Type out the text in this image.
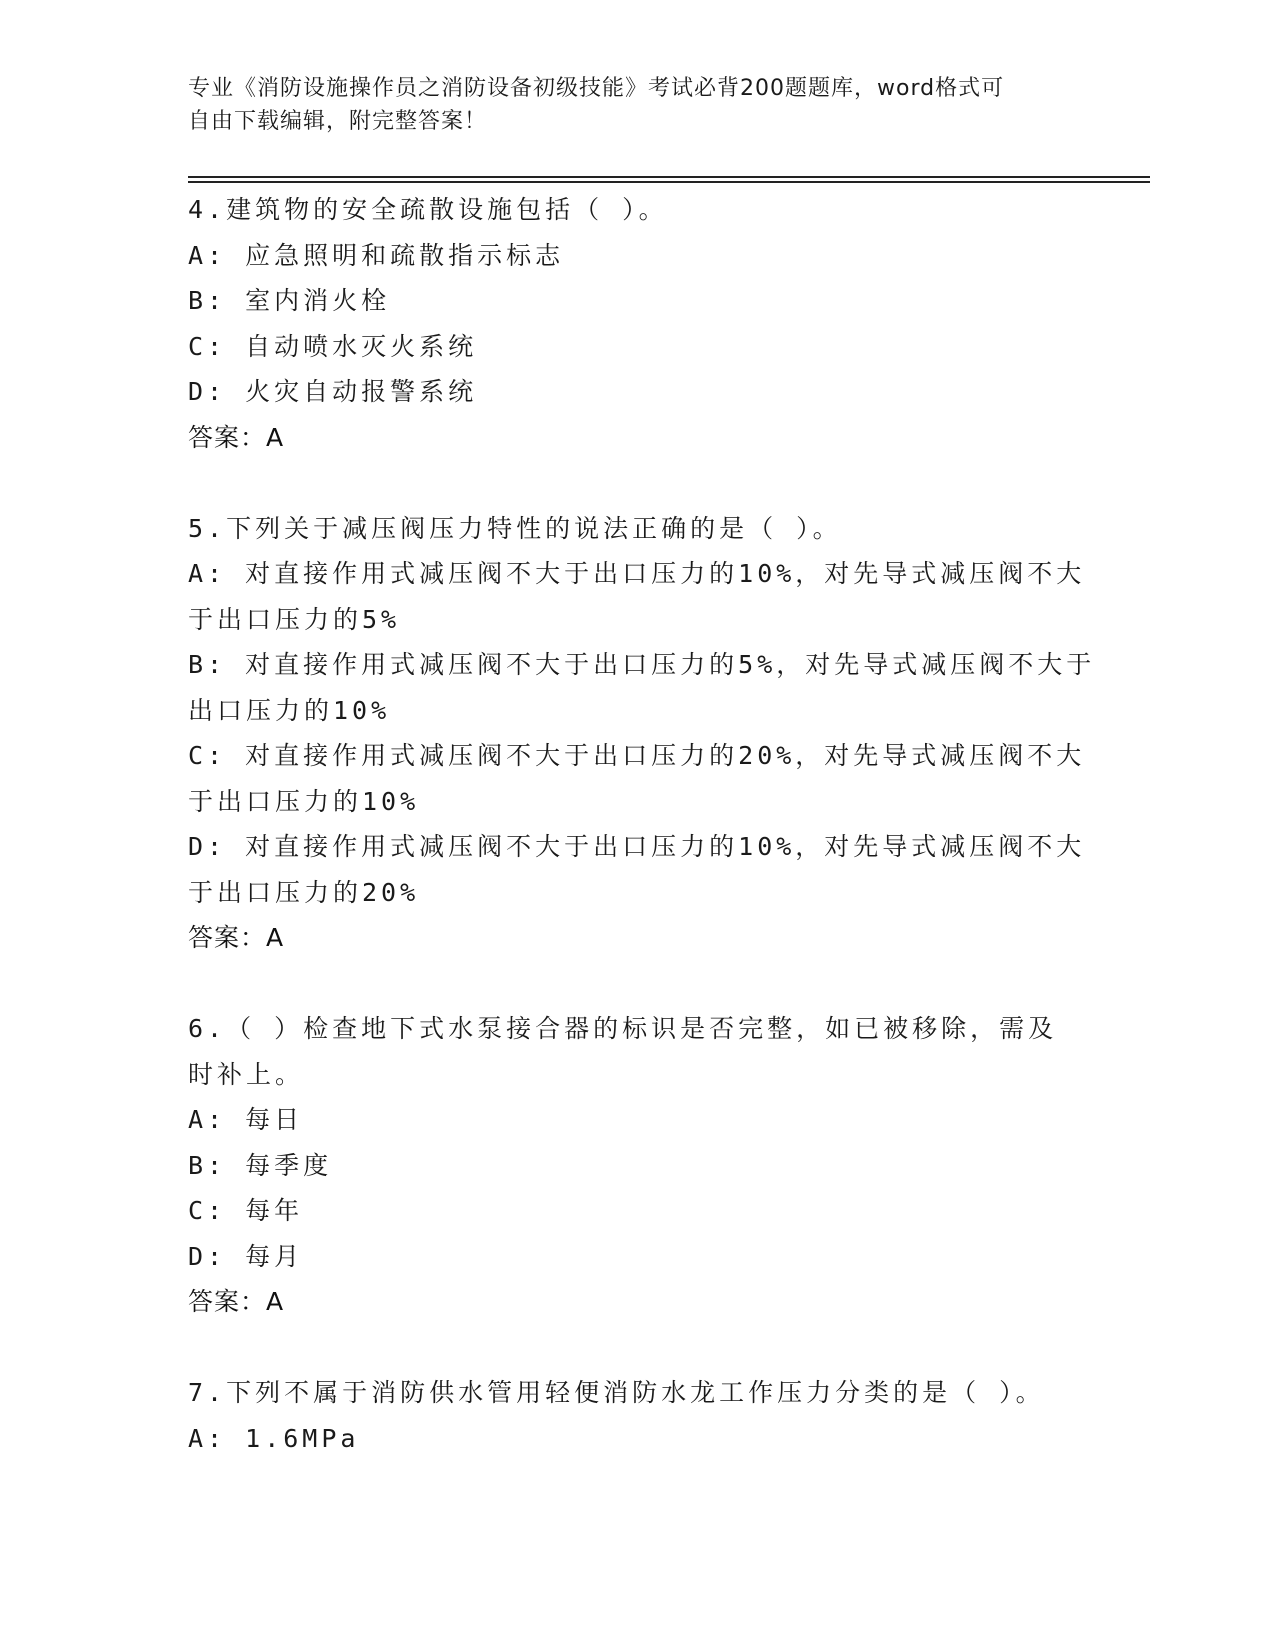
专业《消防设施操作员之消防设备初级技能》考试必背200题题库，word格式可
自由下载编辑，附完整答案！
4.建筑物的安全疏散设施包括（ ）。
A: 应急照明和疏散指示标志
B: 室内消火栓
C: 自动喷水灭火系统
D: 火灾自动报警系统
答案：A
5.下列关于减压阀压力特性的说法正确的是（ ）。
A: 对直接作用式减压阀不大于出口压力的10%，对先导式减压阀不大
于出口压力的5%
B: 对直接作用式减压阀不大于出口压力的5%，对先导式减压阀不大于
出口压力的10%
C: 对直接作用式减压阀不大于出口压力的20%，对先导式减压阀不大
于出口压力的10%
D: 对直接作用式减压阀不大于出口压力的10%，对先导式减压阀不大
于出口压力的20%
答案：A
6.（ ）检查地下式水泵接合器的标识是否完整，如已被移除，需及
时补上。
A: 每日
B: 每季度
C: 每年
D: 每月
答案：A
7.下列不属于消防供水管用轻便消防水龙工作压力分类的是（ ）。
A: 1.6MPa
